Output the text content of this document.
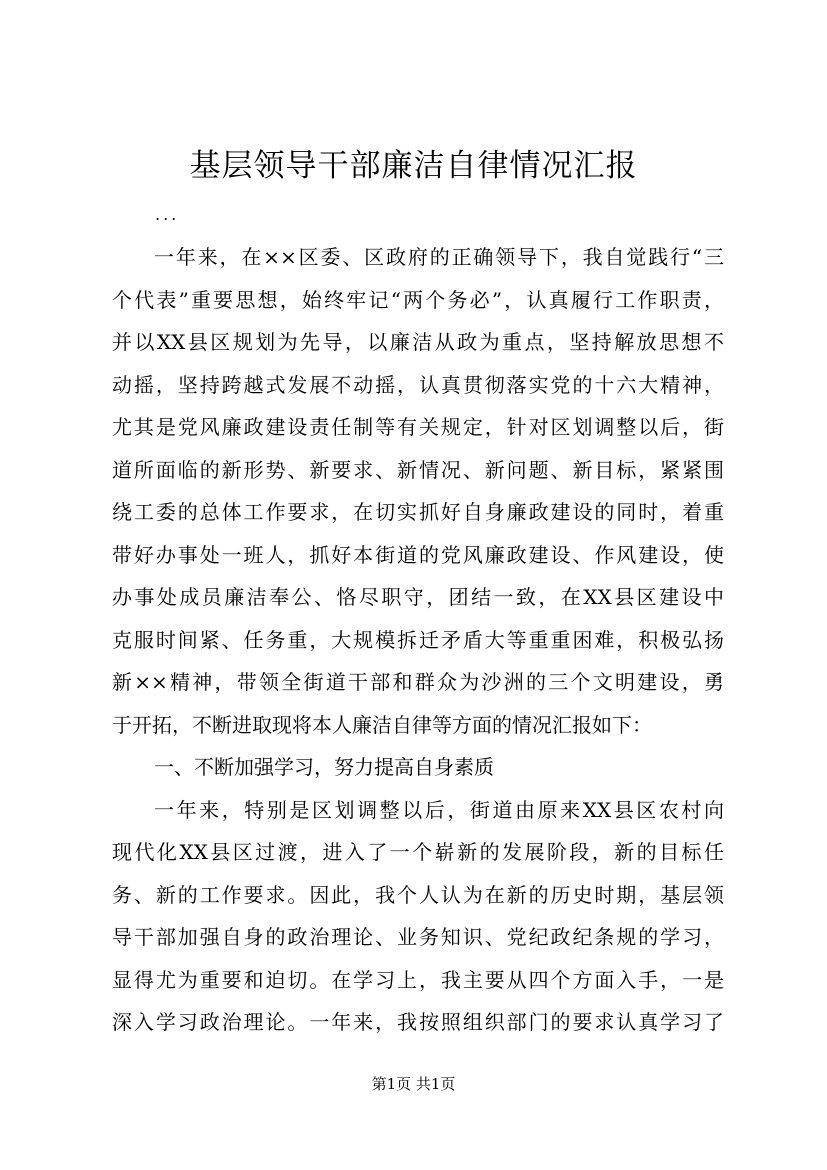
基层领导干部廉洁自律情况汇报
...
一年来，在××区委、区政府的正确领导下，我自觉践行“三
个代表”重要思想，始终牢记“两个务必”，认真履行工作职责，
并以XX县区规划为先导，以廉洁从政为重点，坚持解放思想不
动摇，坚持跨越式发展不动摇，认真贯彻落实党的十六大精神，
尤其是党风廉政建设责任制等有关规定，针对区划调整以后，街
道所面临的新形势、新要求、新情况、新问题、新目标，紧紧围
绕工委的总体工作要求，在切实抓好自身廉政建设的同时，着重
带好办事处一班人，抓好本街道的党风廉政建设、作风建设，使
办事处成员廉洁奉公、恪尽职守，团结一致，在XX县区建设中
克服时间紧、任务重，大规模拆迁矛盾大等重重困难，积极弘扬
新××精神，带领全街道干部和群众为沙洲的三个文明建设，勇
于开拓，不断进取现将本人廉洁自律等方面的情况汇报如下：
一、不断加强学习，努力提高自身素质
一年来，特别是区划调整以后，街道由原来XX县区农村向
现代化XX县区过渡，进入了一个崭新的发展阶段，新的目标任
务、新的工作要求。因此，我个人认为在新的历史时期，基层领
导干部加强自身的政治理论、业务知识、党纪政纪条规的学习，
显得尤为重要和迫切。在学习上，我主要从四个方面入手，一是
深入学习政治理论。一年来，我按照组织部门的要求认真学习了
第1页 共1页
